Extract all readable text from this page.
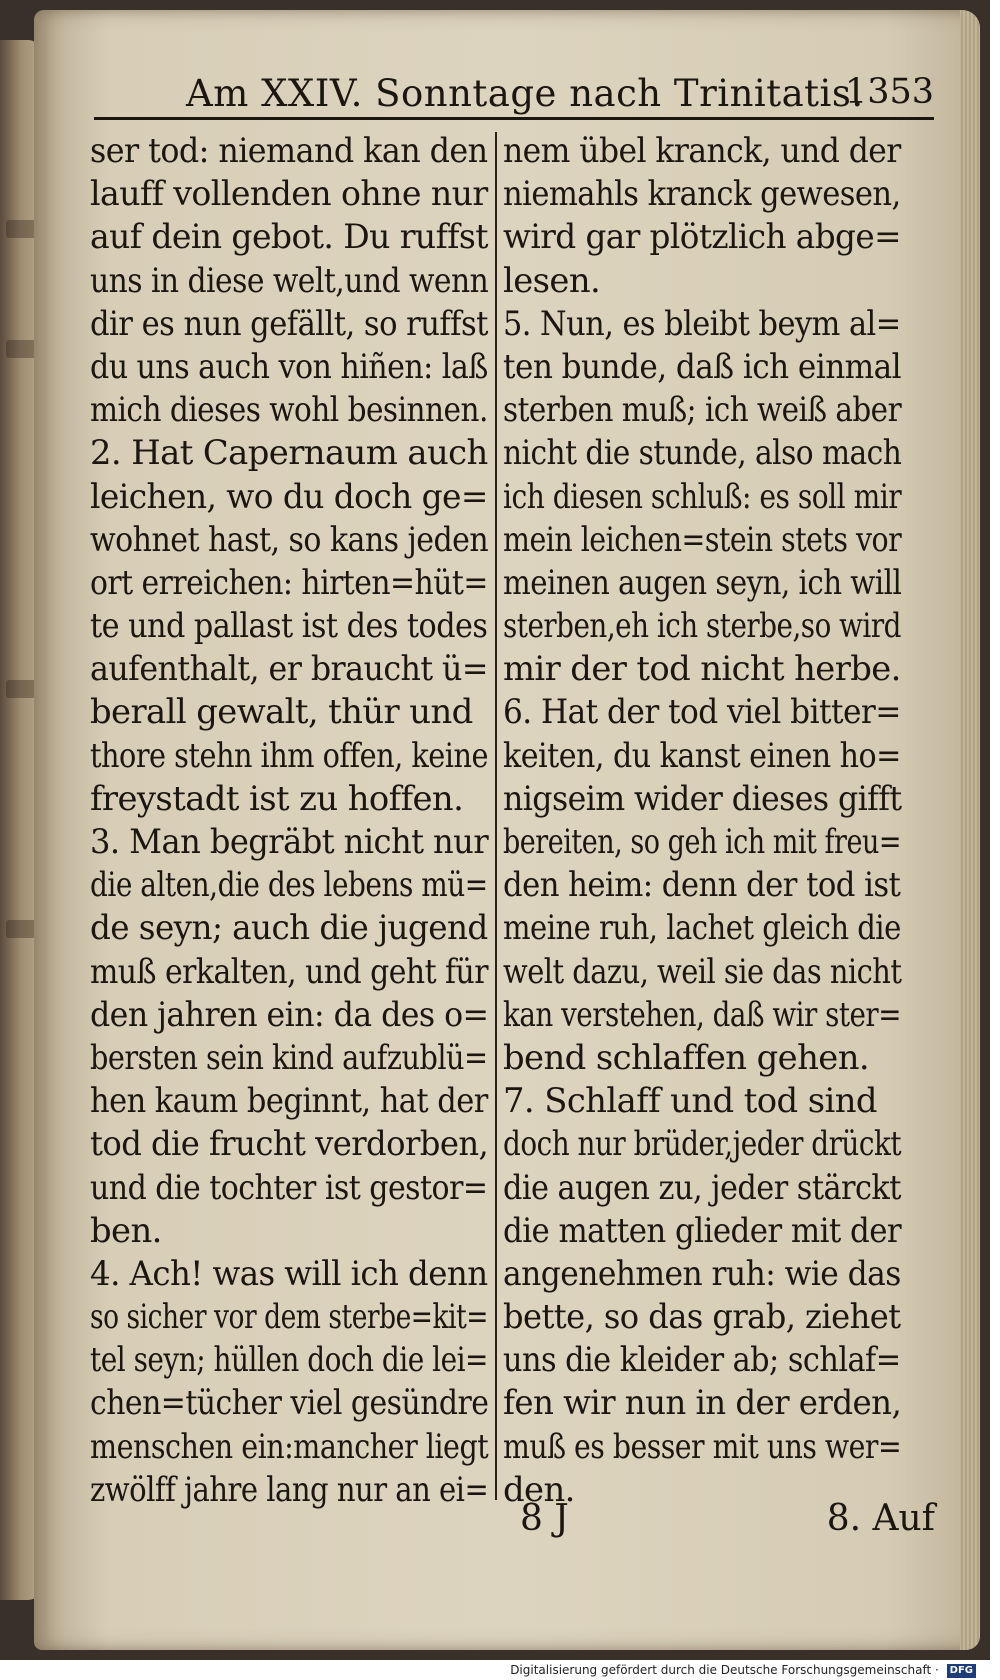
Am XXIV. Sonntage nach Trinitatis.
1353
ser tod: niemand kan den
lauff vollenden ohne nur
auf dein gebot. Du ruffst
uns in diese welt,und wenn
dir es nun gefällt, so ruffst
du uns auch von hiñen: laß
mich dieses wohl besinnen.
2. Hat Capernaum auch
leichen, wo du doch ge=
wohnet hast, so kans jeden
ort erreichen: hirten=hüt=
te und pallast ist des todes
aufenthalt, er braucht ü=
berall gewalt, thür und
thore stehn ihm offen, keine
freystadt ist zu hoffen.
3. Man begräbt nicht nur
die alten,die des lebens mü=
de seyn; auch die jugend
muß erkalten, und geht für
den jahren ein: da des o=
bersten sein kind aufzublü=
hen kaum beginnt, hat der
tod die frucht verdorben,
und die tochter ist gestor=
ben.
4. Ach! was will ich denn
so sicher vor dem sterbe=kit=
tel seyn; hüllen doch die lei=
chen=tücher viel gesündre
menschen ein:mancher liegt
zwölff jahre lang nur an ei=
nem übel kranck, und der
niemahls kranck gewesen,
wird gar plötzlich abge=
lesen.
5. Nun, es bleibt beym al=
ten bunde, daß ich einmal
sterben muß; ich weiß aber
nicht die stunde, also mach
ich diesen schluß: es soll mir
mein leichen=stein stets vor
meinen augen seyn, ich will
sterben,eh ich sterbe,so wird
mir der tod nicht herbe.
6. Hat der tod viel bitter=
keiten, du kanst einen ho=
nigseim wider dieses gifft
bereiten, so geh ich mit freu=
den heim: denn der tod ist
meine ruh, lachet gleich die
welt dazu, weil sie das nicht
kan verstehen, daß wir ster=
bend schlaffen gehen.
7. Schlaff und tod sind
doch nur brüder,jeder drückt
die augen zu, jeder stärckt
die matten glieder mit der
angenehmen ruh: wie das
bette, so das grab, ziehet
uns die kleider ab; schlaf=
fen wir nun in der erden,
muß es besser mit uns wer=
den.
8 J	8. Auf
Digitalisierung gefördert durch die Deutsche Forschungsgemeinschaft · DFG
